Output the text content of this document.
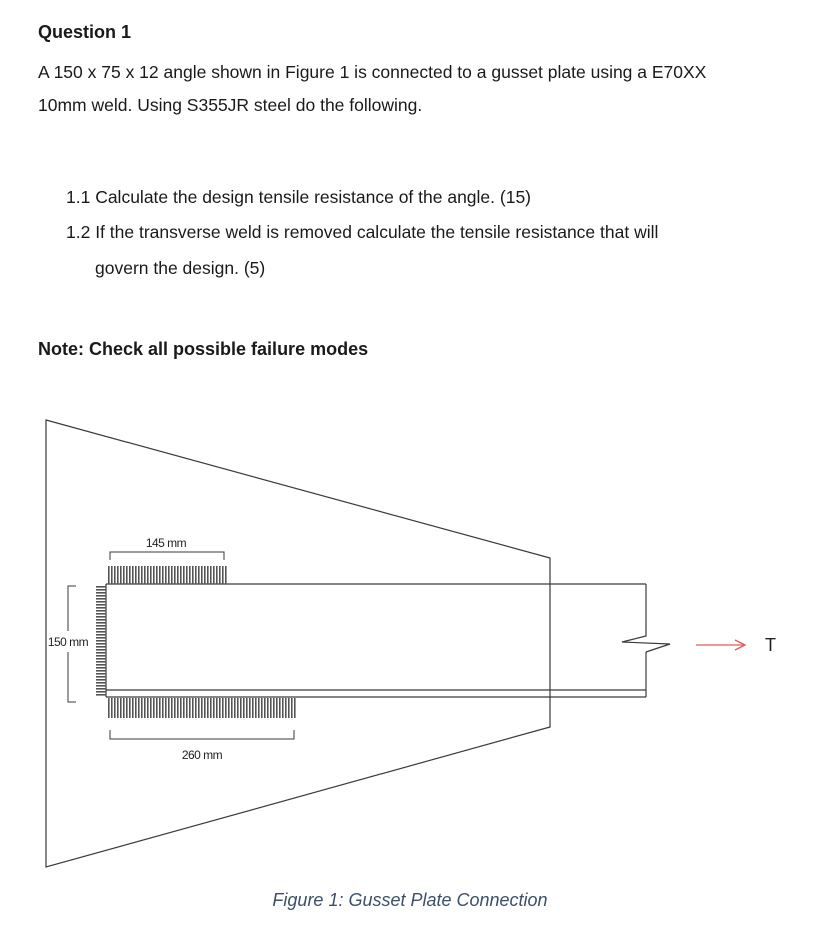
Question 1
A 150 x 75 x 12 angle shown in Figure 1 is connected to a gusset plate using a E70XX
10mm weld. Using S355JR steel do the following.
1.1 Calculate the design tensile resistance of the angle. (15)
1.2 If the transverse weld is removed calculate the tensile resistance that will
govern the design. (5)
Note: Check all possible failure modes
145 mm
260 mm
150 mm	T
Figure 1: Gusset Plate Connection
